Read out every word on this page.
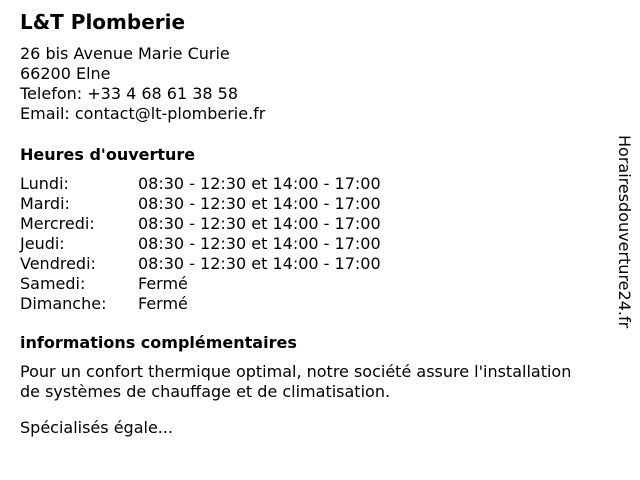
L&T Plomberie

26 bis Avenue Marie Curie

66200 Elne

Telefon: +33 4 68 61 38 58

Email: contact@lt-plomberie.fr

Heures d'ouverture
Lundi:	08:30 - 12:30 et 14:00 - 17:00
Mardi:	08:30 - 12:30 et 14:00 - 17:00
Mercredi:	08:30 - 12:30 et 14:00 - 17:00
Jeudi:	08:30 - 12:30 et 14:00 - 17:00
Vendredi:	08:30 - 12:30 et 14:00 - 17:00
Samedi:	Fermé
Dimanche:	Fermé
informations complémentaires

Pour un confort thermique optimal, notre société assure l'installation de systèmes de chauffage et de climatisation.

Spécialisés égale...

Horairesdouverture24.fr
